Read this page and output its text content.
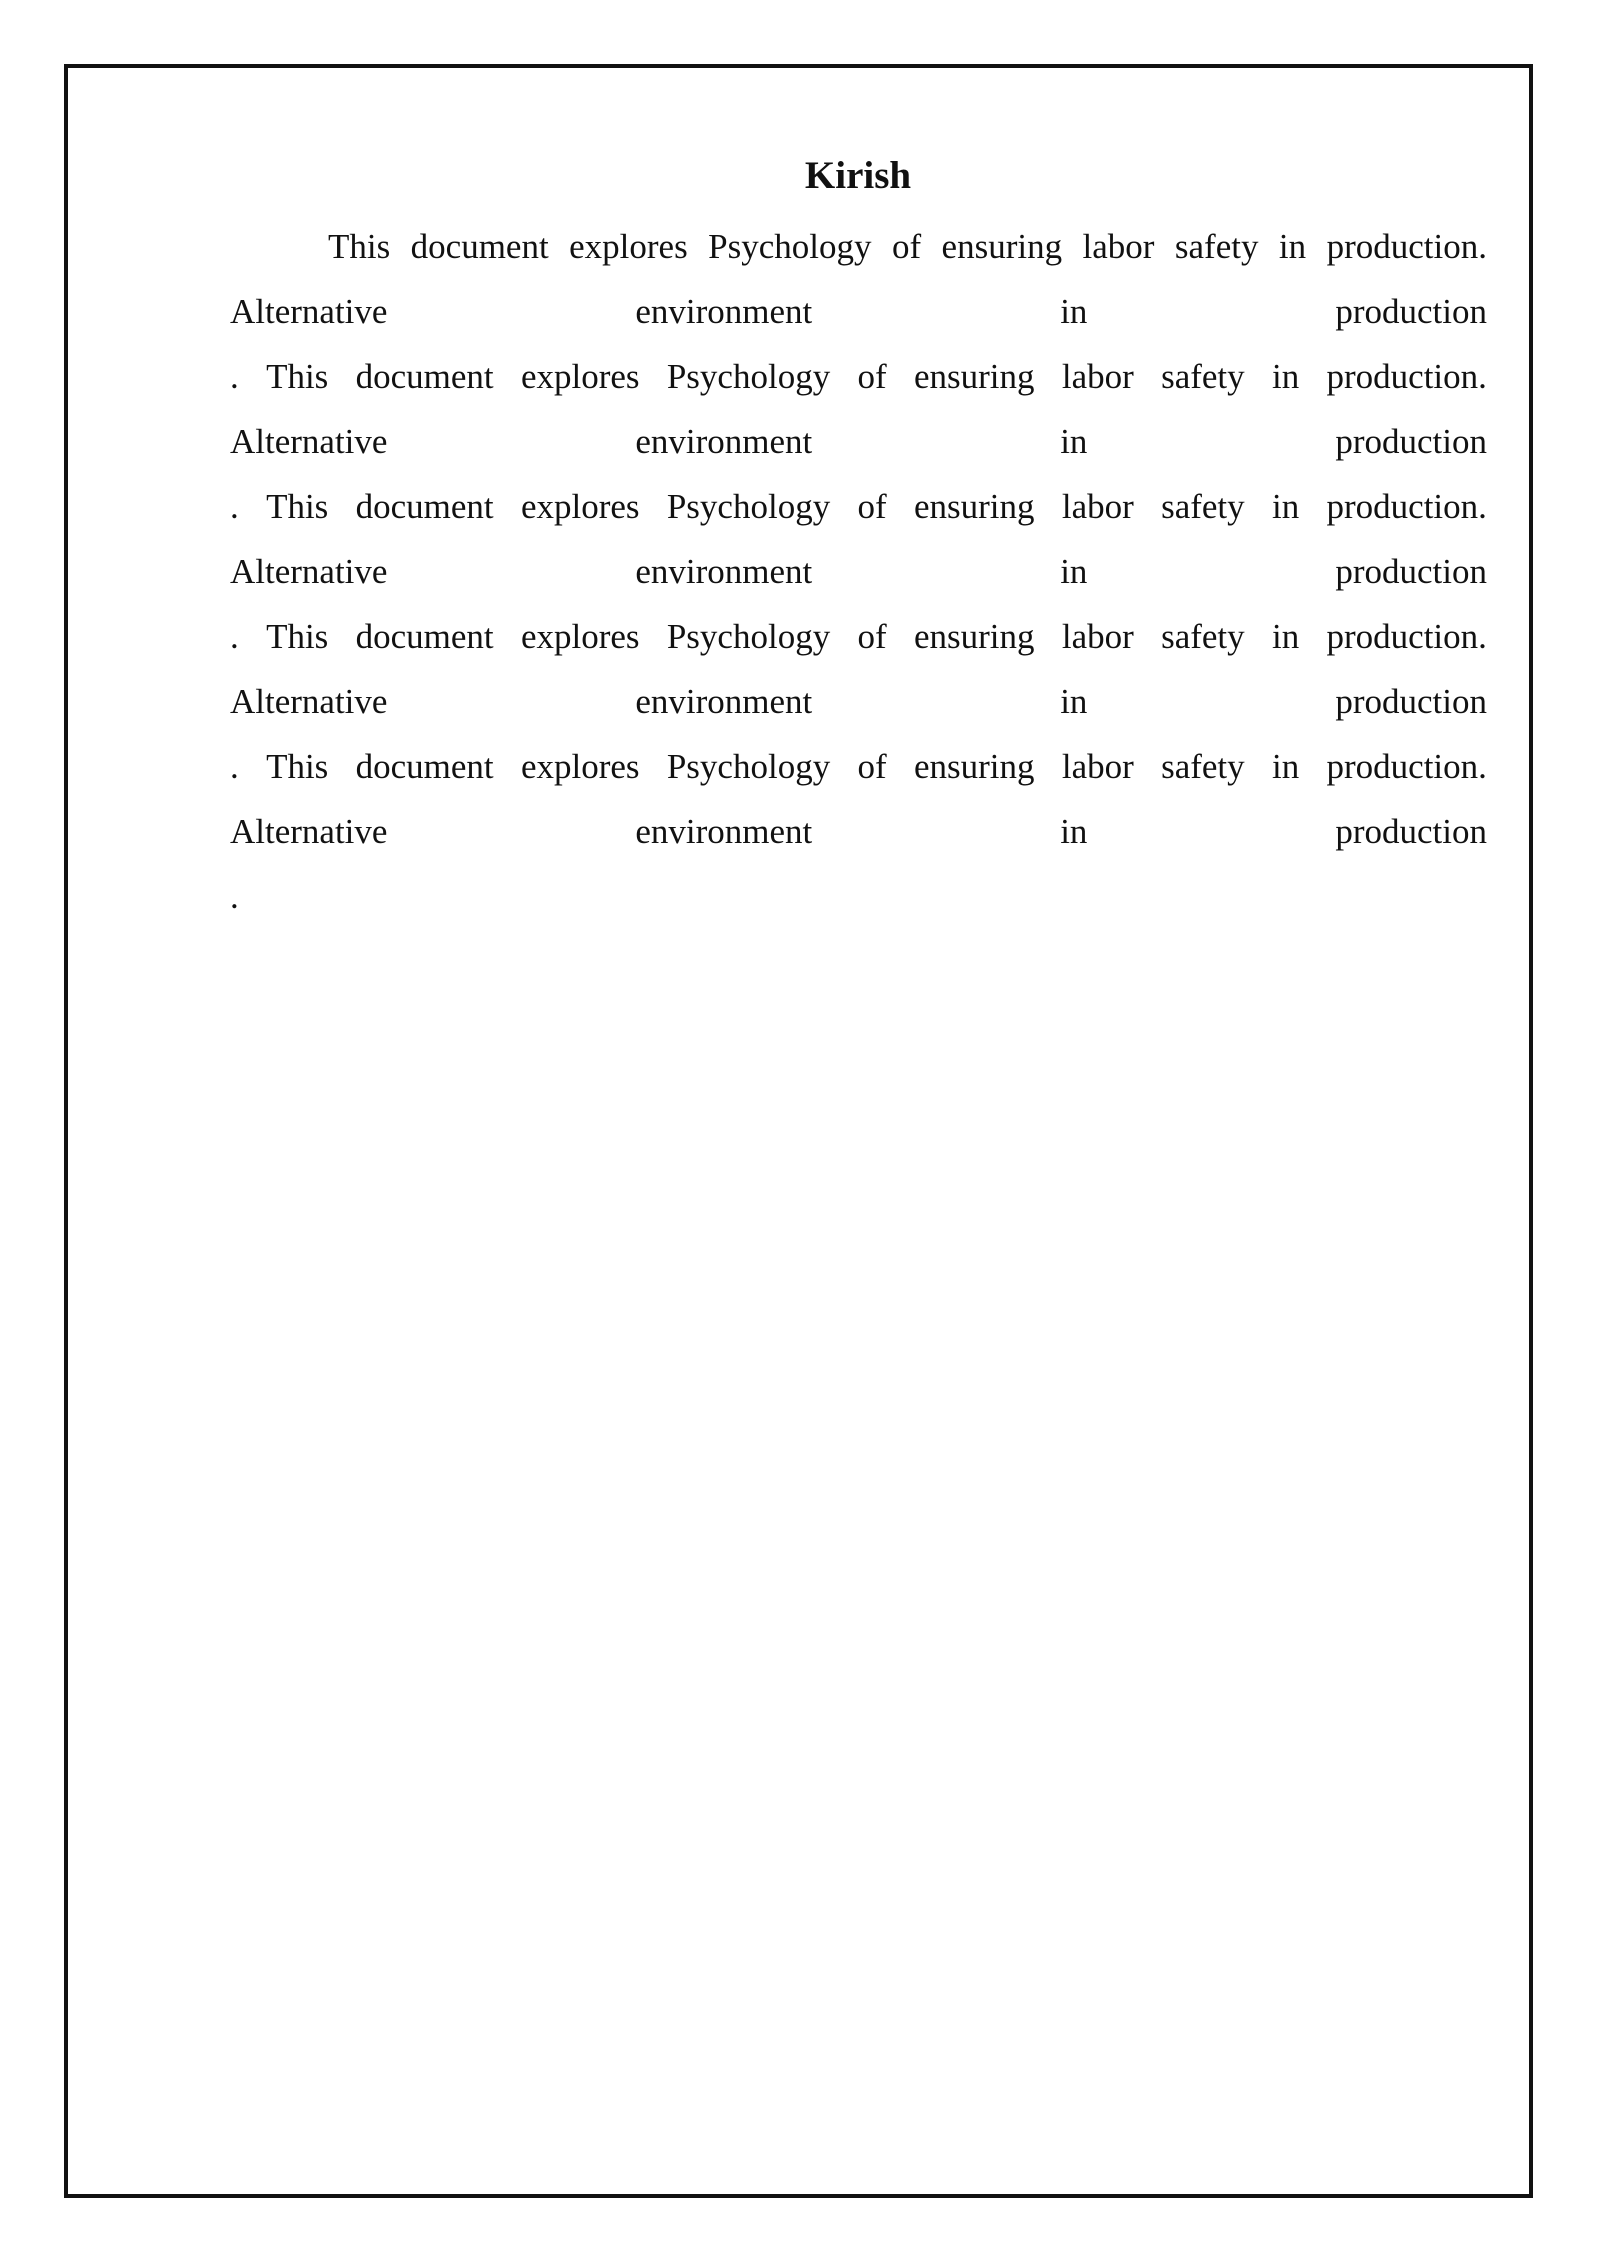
Kirish
This document explores Psychology of ensuring labor safety in production.
Alternative	environment	in	production
. This document explores Psychology of ensuring labor safety in production.
Alternative	environment	in	production
. This document explores Psychology of ensuring labor safety in production.
Alternative	environment	in	production
. This document explores Psychology of ensuring labor safety in production.
Alternative	environment	in	production
. This document explores Psychology of ensuring labor safety in production.
Alternative	environment	in	production
.
